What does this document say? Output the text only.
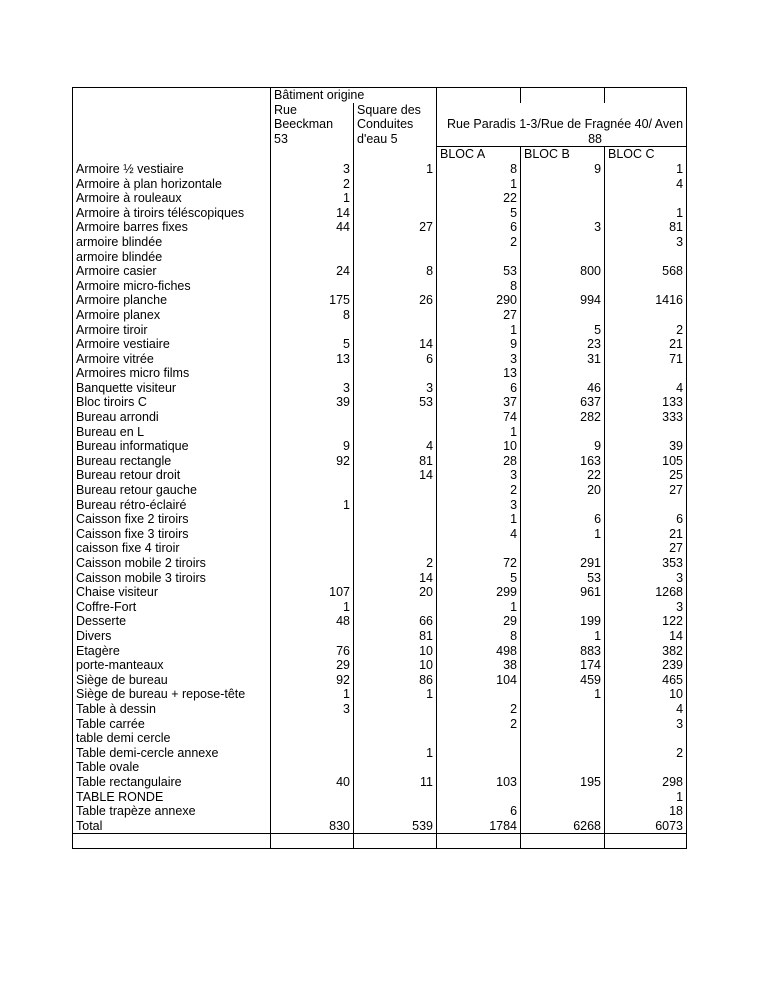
	Bâtiment origine				
	Rue	Square des			
	Beeckman	Conduites	Rue Paradis 1-3/Rue de Fragnée 40/ Aven		
	53	d'eau 5	88		
			BLOC A	BLOC B	BLOC C
Armoire ½ vestiaire	3	1	8	9	1
Armoire à plan horizontale	2		1		4
Armoire à rouleaux	1		22		
Armoire à tiroirs téléscopiques	14		5		1
Armoire barres fixes	44	27	6	3	81
armoire blindée			2		3
armoire blindée					
Armoire casier	24	8	53	800	568
Armoire micro-fiches			8		
Armoire planche	175	26	290	994	1416
Armoire planex	8		27		
Armoire tiroir			1	5	2
Armoire vestiaire	5	14	9	23	21
Armoire vitrée	13	6	3	31	71
Armoires micro films			13		
Banquette visiteur	3	3	6	46	4
Bloc tiroirs C	39	53	37	637	133
Bureau arrondi			74	282	333
Bureau en L			1		
Bureau informatique	9	4	10	9	39
Bureau rectangle	92	81	28	163	105
Bureau retour droit		14	3	22	25
Bureau retour gauche			2	20	27
Bureau rétro-éclairé	1		3		
Caisson fixe 2 tiroirs			1	6	6
Caisson fixe 3 tiroirs			4	1	21
caisson fixe 4 tiroir					27
Caisson mobile 2 tiroirs		2	72	291	353
Caisson mobile 3 tiroirs		14	5	53	3
Chaise visiteur	107	20	299	961	1268
Coffre-Fort	1		1		3
Desserte	48	66	29	199	122
Divers		81	8	1	14
Etagère	76	10	498	883	382
porte-manteaux	29	10	38	174	239
Siège de bureau	92	86	104	459	465
Siège de bureau + repose-tête	1	1		1	10
Table à dessin	3		2		4
Table carrée			2		3
table demi cercle					
Table demi-cercle annexe		1			2
Table ovale					
Table rectangulaire	40	11	103	195	298
TABLE RONDE					1
Table trapèze annexe			6		18
Total	830	539	1784	6268	6073
